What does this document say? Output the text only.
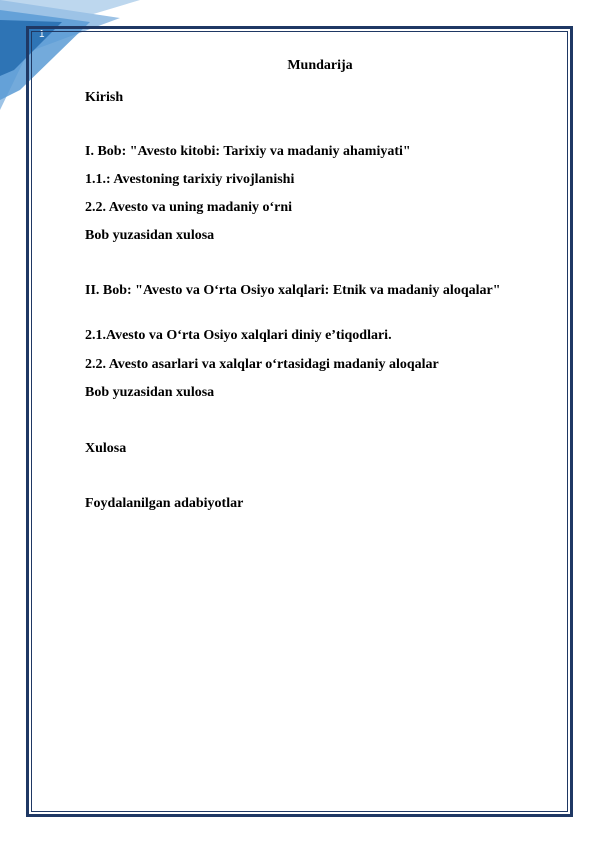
1
Mundarija
Kirish
I. Bob: "Avesto kitobi: Tarixiy va madaniy ahamiyati"
1.1.: Avestoning tarixiy rivojlanishi
2.2. Avesto va uning madaniy o‘rni
Bob yuzasidan xulosa
II. Bob: "Avesto va O‘rta Osiyo xalqlari: Etnik va madaniy aloqalar"
2.1.Avesto va O‘rta Osiyo xalqlari diniy e’tiqodlari.
2.2. Avesto asarlari va xalqlar o‘rtasidagi madaniy aloqalar
Bob yuzasidan xulosa
Xulosa
Foydalanilgan adabiyotlar
